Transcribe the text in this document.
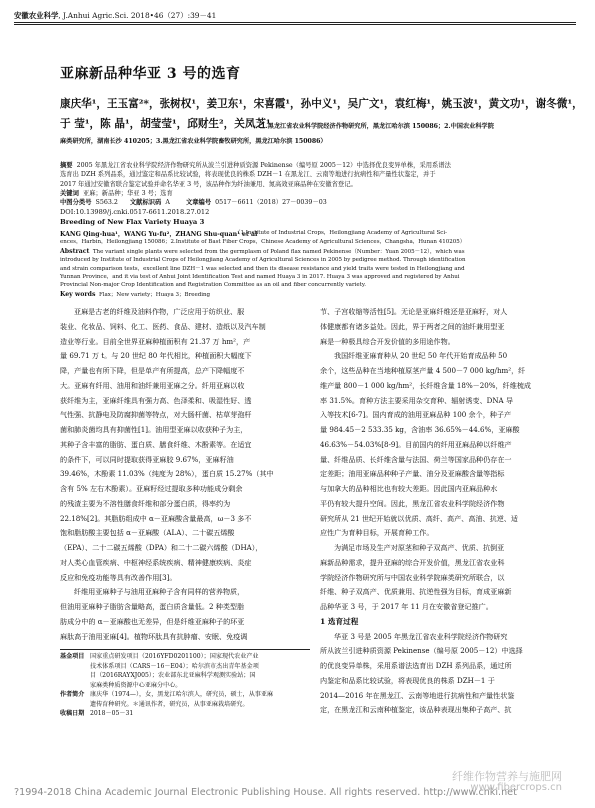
安徽农业科学, J.Anhui Agric.Sci. 2018•46（27）:39－41
亚麻新品种华亚 3 号的选育
康庆华¹，王玉富²*，张树权¹，姜卫东¹，宋喜霞¹，孙中义¹，吴广文¹，袁红梅¹，姚玉波¹，黄文功¹，谢冬微¹，
于 莹¹，陈 晶¹，胡莹莹¹，邱财生²，关凤芝¹
（1.黑龙江省农业科学院经济作物研究所，黑龙江哈尔滨 150086；2.中国农业科学院
麻类研究所，湖南长沙 410205；3.黑龙江省农业科学院畜牧研究所，黑龙江哈尔滨 150086）
摘要 2005 年黑龙江省农业科学院经济作物研究所从波兰引进种质资源 Pekinense（编号原 2005－12）中选择优良变异单株，采用系谱法
选育出 DZH 系列品系，通过鉴定和品系比较试验，将表现优良的株系 DZH－1 在黑龙江、云南等地进行抗病性和产量性状鉴定，并于
2017 年通过安徽省联合鉴定试验并命名华亚 3 号，该品种作为纤油兼用、氮高效亚麻品种在安徽省登记。
关键词 亚麻；新品种；华亚 3 号；选育
中图分类号 S563.2 文献标识码 A	文章编号 0517－6611（2018）27－0039－03
DOI:10.13989/j.cnki.0517-6611.2018.27.012
Breeding of New Flax Variety Huaya 3
KANG Qing-hua¹，WANG Yu-fu²，ZHANG Shu-quan¹ et al
（1.Institute of Industrial Crops，Heilongjiang Academy of Agricultural Sci-
ences，Harbin，Heilongjiang 150086；2.Institute of Bast Fiber Crops，Chinese Academy of Agricultural Sciences，Changsha，Hunan 410205）
Abstract The variant single plants were selected from the germplasm of Poland flax named Pekinense（Number：Yuan 2005－12），which was
introduced by Institute of Industrial Crops of Heilongjiang Academy of Agricultural Sciences in 2005 by pedigree method. Through identification
and strain comparison tests，excellent line DZH－1 was selected and then its disease resistance and yield traits were tested in Heilongjiang and
Yunnan Province，and it via test of Anhui Joint Identification Test and named Huaya 3 in 2017. Huaya 3 was approved and registered by Anhui
Provincial Non-major Crop Identification and Registration Committee as an oil and fiber concurrently variety.
Key words Flax；New variety；Huaya 3；Breeding
亚麻是古老的纤维及油料作物，广泛应用于纺织业、服
装业、化妆品、饲料、化工、医药、食品、建材、造纸以及汽车制
造业等行业。目前全世界亚麻种植面积有 21.37 万 hm²，产
量 69.71 万 t。与 20 世纪 80 年代相比，种植面积大幅度下
降，产量也有所下降，但是单产有所提高，总产下降幅度不
大。亚麻有纤用、油用和油纤兼用亚麻之分。纤用亚麻以收
获纤维为主，亚麻纤维具有强力高、色泽柔和、吸湿性好、透
气性强、抗静电及防腐抑菌等特点，对大肠杆菌、枯草芽孢杆
菌和肺炎菌均具有抑菌性[1]。油用型亚麻以收获种子为主，
其种子含丰富的脂肪、蛋白质、膳食纤维、木酚素等。在适宜
的条件下，可以同时提取获得亚麻胶 9.67%，亚麻籽油
39.46%，木酚素 11.03%（纯度为 28%），蛋白质 15.27%（其中
含有 5% 左右木酚素）。亚麻籽经过提取多种功能成分剩余
的残渣主要为不溶性膳食纤维和部分蛋白质，得率约为
22.18%[2]。其脂肪组成中 α－亚麻酸含量最高，ω－3 多不
饱和脂肪酸主要包括 α－亚麻酸（ALA）、二十碳五烯酸
（EPA）、二十二碳五烯酸（DPA）和二十二碳六烯酸（DHA），
对人类心血管疾病、中枢神经系统疾病、精神健康疾病、炎症
反应和免疫功能等具有改善作用[3]。
纤维用亚麻种子与油用亚麻种子含有同样的营养物质，
但油用亚麻种子脂肪含量略高，蛋白质含量低。2 种类型脂
肪成分中的 α－亚麻酸也无差异，但是纤维亚麻种子的环亚
麻肽高于油用亚麻[4]。植物环肽具有抗肿瘤、安眠、免疫调
基金项目 国家重点研发项目（2016YFD0201100）；国家现代农业产业
技术体系项目（CARS－16－E04）；哈尔滨市杰出青年基金项
目（2016RAYXJ005）；农业部东北亚麻科学观测实验站；国
家麻类种质资源中心亚麻分中心。
作者简介 康庆华（1974—），女，黑龙江哈尔滨人，研究员，硕士，从事亚麻
遗传育种研究。＊通讯作者，研究员，从事亚麻栽培研究。
收稿日期 2018－05－31
节、子宫收缩等活性[5]。无论是亚麻纤维还是亚麻籽，对人
体健康都有诸多益处。因此，界于两者之间的油纤兼用型亚
麻是一种极具综合开发价值的多用途作物。
我国纤维亚麻育种从 20 世纪 50 年代开始育成品种 50
余个，这些品种在当地种植原茎产量 4 500－7 000 kg/hm²，纤
维产量 800－1 000 kg/hm²，长纤维含量 18%－20%，纤维梳成
率 31.5%。育种方法主要采用杂交育种、辐射诱变、DNA 导
入等技术[6-7]。国内育成的油用亚麻品种 100 余个，种子产
量 984.45－2 533.35 kg，含油率 36.65%－44.6%，亚麻酸
46.63%－54.03%[8-9]。目前国内的纤用亚麻品种以纤维产
量、纤维品质、长纤维含量与法国、荷兰等国家品种仍存在一
定差距；油用亚麻品种种子产量、油分及亚麻酸含量等指标
与加拿大的品种相比也有较大差距。因此国内亚麻品种水
平仍有较大提升空间。因此，黑龙江省农业科学院经济作物
研究所从 21 世纪开始就以优质、高纤、高产、高油、抗逆、适
应性广为育种目标，开展育种工作。
为满足市场及生产对原茎和种子双高产、优质、抗倒亚
麻新品种需求，提升亚麻的综合开发价值，黑龙江省农业科
学院经济作物研究所与中国农业科学院麻类研究所联合，以
纤维、种子双高产、优质兼用、抗逆性强为目标，育成亚麻新
品种华亚 3 号，于 2017 年 11 月在安徽省登记推广。
1 选育过程
华亚 3 号是 2005 年黑龙江省农业科学院经济作物研究
所从波兰引进种质资源 Pekinense（编号原 2005－12）中选择
的优良变异单株，采用系谱法选育出 DZH 系列品系，通过所
内鉴定和品系比较试验，将表现优良的株系 DZH－1 于
2014—2016 年在黑龙江、云南等地进行抗病性和产量性状鉴
定，在黑龙江和云南种植鉴定，该品种表现出集种子高产、抗
?1994-2018 China Academic Journal Electronic Publishing House. All rights reserved. http://www.cnki.net
纤维作物营养与施肥网
www.fibercrops.cn
